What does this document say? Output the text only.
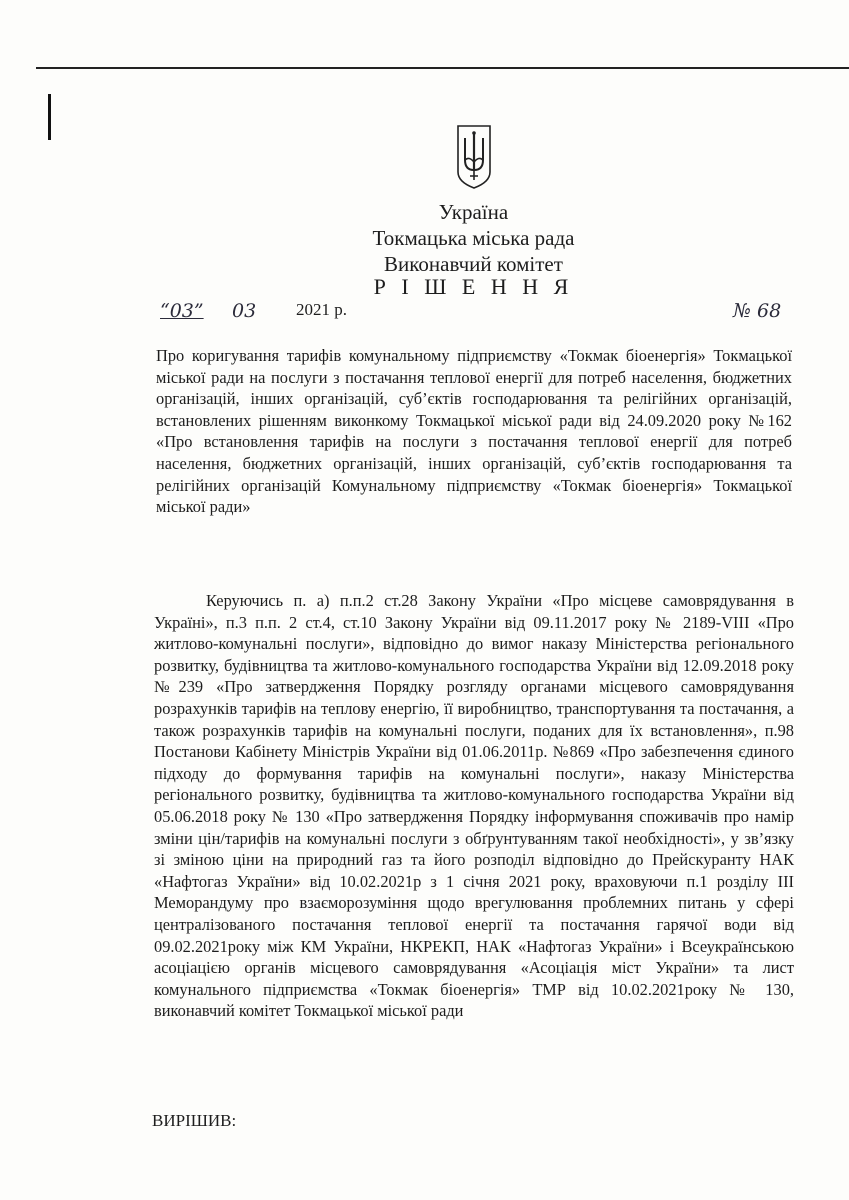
Україна
Токмацька міська рада
Виконавчий комітет
Р І Ш Е Н Н Я
“03” 03 2021 р.	№ 68
Про коригування тарифів комунальному підприємству «Токмак біоенергія» Токмацької міської ради на послуги з постачання теплової енергії для потреб населення, бюджетних організацій, інших організацій, суб’єктів господарювання та релігійних організацій, встановлених рішенням виконкому Токмацької міської ради від 24.09.2020 року №162 «Про встановлення тарифів на послуги з постачання теплової енергії для потреб населення, бюджетних організацій, інших організацій, суб’єктів господарювання та релігійних організацій Комунальному підприємству «Токмак біоенергія» Токмацької міської ради»
Керуючись п. а) п.п.2 ст.28 Закону України «Про місцеве самоврядування в Україні», п.3 п.п. 2 ст.4, ст.10 Закону України від 09.11.2017 року № 2189-VIII «Про житлово-комунальні послуги», відповідно до вимог наказу Міністерства регіонального розвитку, будівництва та житлово-комунального господарства України від 12.09.2018 року №239 «Про затвердження Порядку розгляду органами місцевого самоврядування розрахунків тарифів на теплову енергію, її виробництво, транспортування та постачання, а також розрахунків тарифів на комунальні послуги, поданих для їх встановлення», п.98 Постанови Кабінету Міністрів України від 01.06.2011р. №869 «Про забезпечення єдиного підходу до формування тарифів на комунальні послуги», наказу Міністерства регіонального розвитку, будівництва та житлово-комунального господарства України від 05.06.2018 року № 130 «Про затвердження Порядку інформування споживачів про намір зміни цін/тарифів на комунальні послуги з обґрунтуванням такої необхідності», у зв’язку зі зміною ціни на природний газ та його розподіл відповідно до Прейскуранту НАК «Нафтогаз України» від 10.02.2021р з 1 січня 2021 року, враховуючи п.1 розділу ІІІ Меморандуму про взаєморозуміння щодо врегулювання проблемних питань у сфері централізованого постачання теплової енергії та постачання гарячої води від 09.02.2021року між КМ України, НКРЕКП, НАК «Нафтогаз України» і Всеукраїнською асоціацією органів місцевого самоврядування «Асоціація міст України» та лист комунального підприємства «Токмак біоенергія» ТМР від 10.02.2021року № 130, виконавчий комітет Токмацької міської ради
ВИРІШИВ:
